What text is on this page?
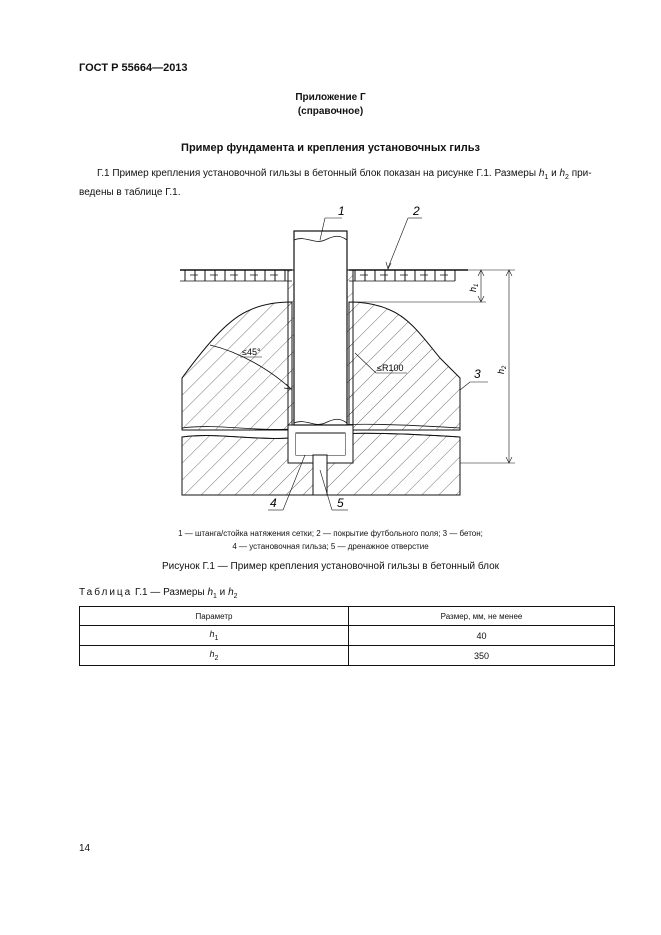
ГОСТ Р 55664—2013
Приложение Г
(справочное)
Пример фундамента и крепления установочных гильз
Г.1 Пример крепления установочной гильзы в бетонный блок показан на рисунке Г.1. Размеры $h_1$ и $h_2$ при-ведены в таблице Г.1.
1	2
3
4	5
≤45°
≤R100
$h_1$
$h_2$
1 — штанга/стойка натяжения сетки; 2 — покрытие футбольного поля; 3 — бетон;
4 — установочная гильза; 5 — дренажное отверстие
Рисунок Г.1 — Пример крепления установочной гильзы в бетонный блок
Таблица Г.1 — Размеры $h_1$ и $h_2$
Параметр	Размер, мм, не менее
$h_1$	40
$h_2$	350
14
